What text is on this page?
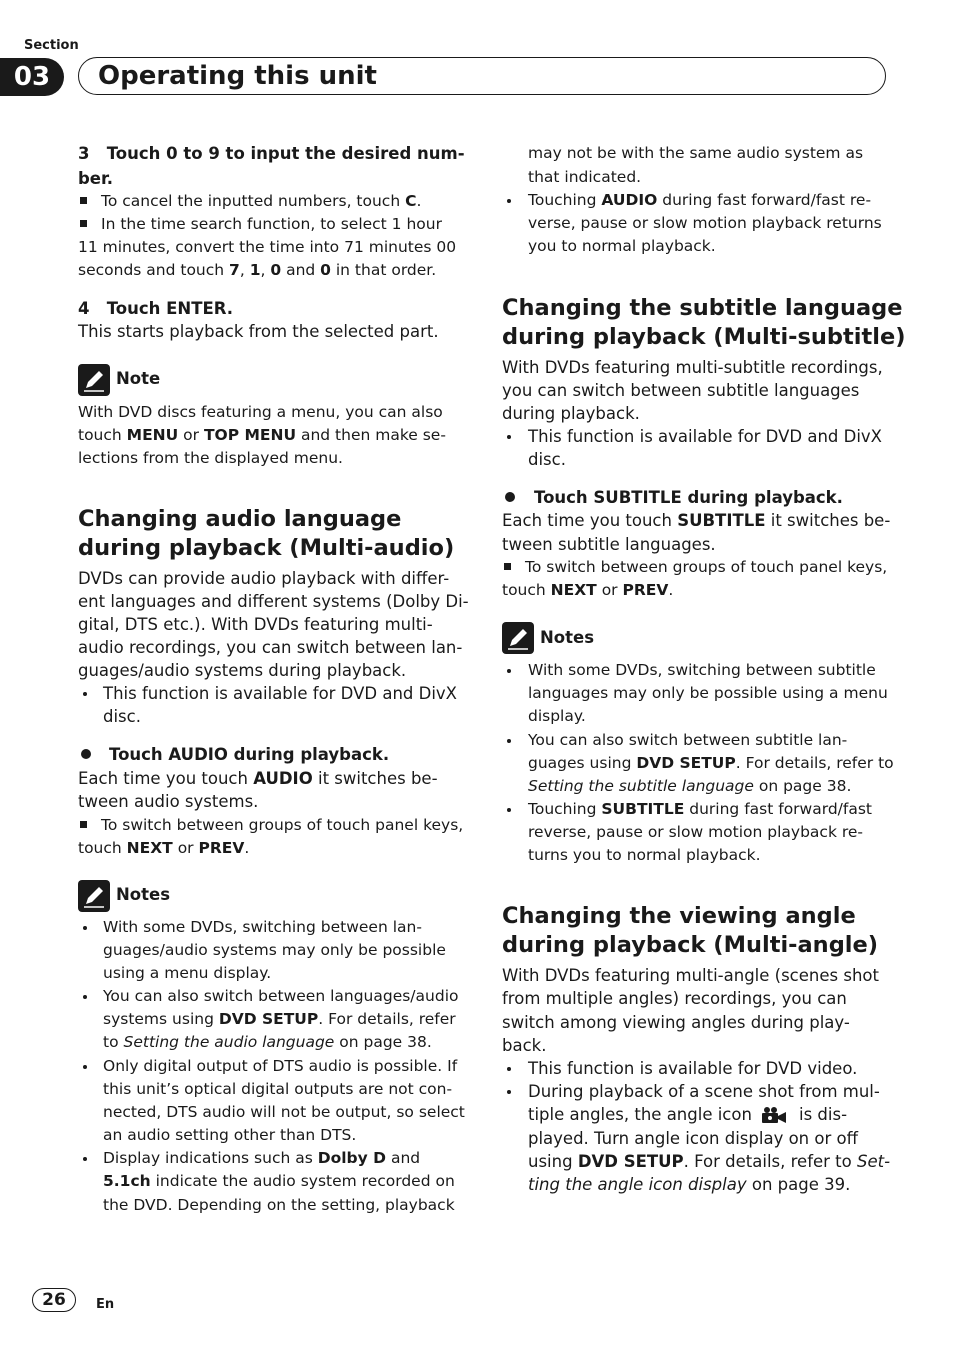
Section
03	Operating this unit
3 Touch 0 to 9 to input the desired num-
ber.
To cancel the inputted numbers, touch C.
In the time search function, to select 1 hour
11 minutes, convert the time into 71 minutes 00
seconds and touch 7, 1, 0 and 0 in that order.
4 Touch ENTER.
This starts playback from the selected part.
Note
With DVD discs featuring a menu, you can also
touch MENU or TOP MENU and then make se-
lections from the displayed menu.
Changing audio language
during playback (Multi-audio)
DVDs can provide audio playback with differ-
ent languages and different systems (Dolby Di-
gital, DTS etc.). With DVDs featuring multi-
audio recordings, you can switch between lan-
guages/audio systems during playback.
This function is available for DVD and DivX
disc.
Touch AUDIO during playback.
Each time you touch AUDIO it switches be-
tween audio systems.
To switch between groups of touch panel keys,
touch NEXT or PREV.
Notes
With some DVDs, switching between lan-
guages/audio systems may only be possible
using a menu display.
You can also switch between languages/audio
systems using DVD SETUP. For details, refer
to Setting the audio language on page 38.
Only digital output of DTS audio is possible. If
this unit’s optical digital outputs are not con-
nected, DTS audio will not be output, so select
an audio setting other than DTS.
Display indications such as Dolby D and
5.1ch indicate the audio system recorded on
the DVD. Depending on the setting, playback
may not be with the same audio system as
that indicated.
Touching AUDIO during fast forward/fast re-
verse, pause or slow motion playback returns
you to normal playback.
Changing the subtitle language
during playback (Multi-subtitle)
With DVDs featuring multi-subtitle recordings,
you can switch between subtitle languages
during playback.
This function is available for DVD and DivX
disc.
Touch SUBTITLE during playback.
Each time you touch SUBTITLE it switches be-
tween subtitle languages.
To switch between groups of touch panel keys,
touch NEXT or PREV.
Notes
With some DVDs, switching between subtitle
languages may only be possible using a menu
display.
You can also switch between subtitle lan-
guages using DVD SETUP. For details, refer to
Setting the subtitle language on page 38.
Touching SUBTITLE during fast forward/fast
reverse, pause or slow motion playback re-
turns you to normal playback.
Changing the viewing angle
during playback (Multi-angle)
With DVDs featuring multi-angle (scenes shot
from multiple angles) recordings, you can
switch among viewing angles during play-
back.
This function is available for DVD video.
During playback of a scene shot from mul-
tiple angles, the angle icon	is dis-
played. Turn angle icon display on or off
using DVD SETUP. For details, refer to Set-
ting the angle icon display on page 39.
26	En
